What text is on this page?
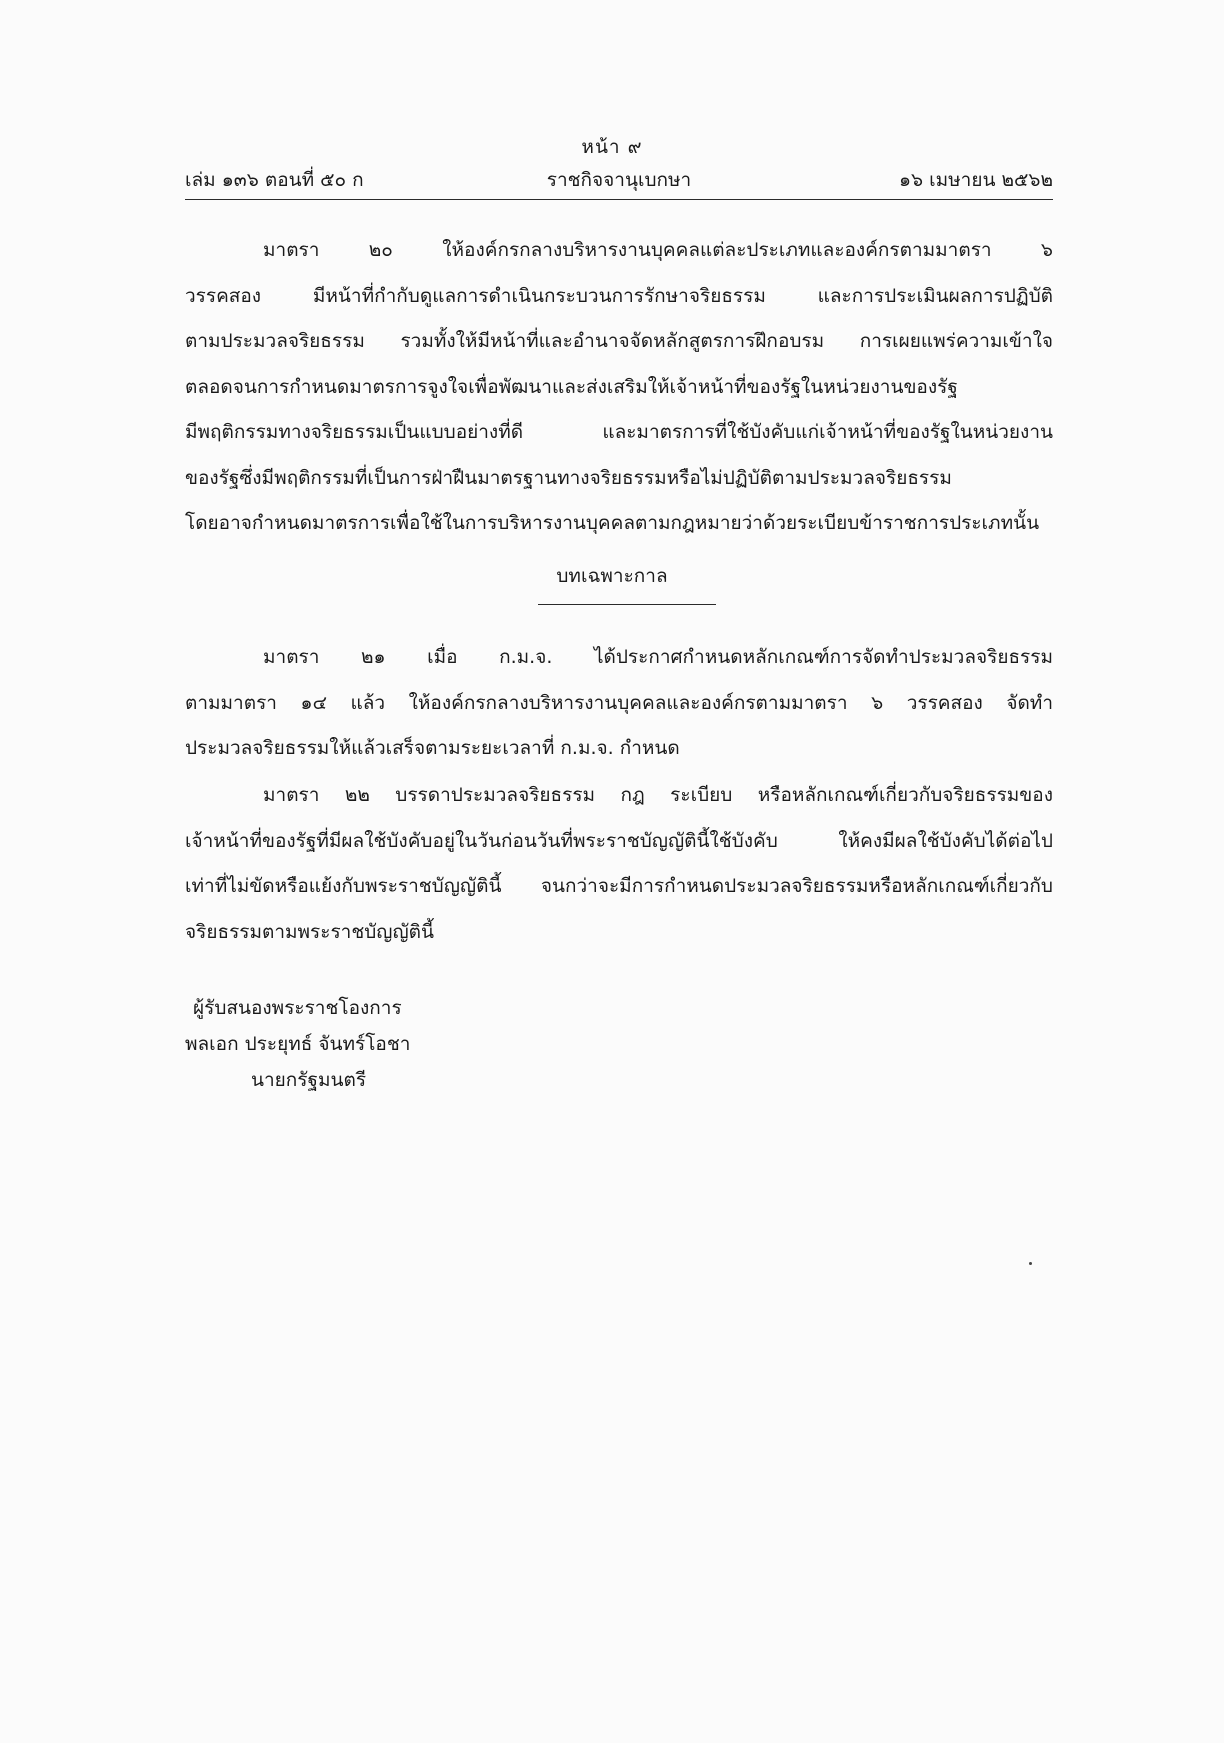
หน้า ๙
เล่ม ๑๓๖ ตอนที่ ๕๐ ก	ราชกิจจานุเบกษา	๑๖ เมษายน ๒๕๖๒
มาตรา ๒๐ ให้องค์กรกลางบริหารงานบุคคลแต่ละประเภทและองค์กรตามมาตรา ๖
วรรคสอง มีหน้าที่กำกับดูแลการดำเนินกระบวนการรักษาจริยธรรม และการประเมินผลการปฏิบัติ
ตามประมวลจริยธรรม รวมทั้งให้มีหน้าที่และอำนาจจัดหลักสูตรการฝึกอบรม การเผยแพร่ความเข้าใจ
ตลอดจนการกำหนดมาตรการจูงใจเพื่อพัฒนาและส่งเสริมให้เจ้าหน้าที่ของรัฐในหน่วยงานของรัฐ
มีพฤติกรรมทางจริยธรรมเป็นแบบอย่างที่ดี และมาตรการที่ใช้บังคับแก่เจ้าหน้าที่ของรัฐในหน่วยงาน
ของรัฐซึ่งมีพฤติกรรมที่เป็นการฝ่าฝืนมาตรฐานทางจริยธรรมหรือไม่ปฏิบัติตามประมวลจริยธรรม
โดยอาจกำหนดมาตรการเพื่อใช้ในการบริหารงานบุคคลตามกฎหมายว่าด้วยระเบียบข้าราชการประเภทนั้น
บทเฉพาะกาล
มาตรา ๒๑ เมื่อ ก.ม.จ. ได้ประกาศกำหนดหลักเกณฑ์การจัดทำประมวลจริยธรรม
ตามมาตรา ๑๔ แล้ว ให้องค์กรกลางบริหารงานบุคคลและองค์กรตามมาตรา ๖ วรรคสอง จัดทำ
ประมวลจริยธรรมให้แล้วเสร็จตามระยะเวลาที่ ก.ม.จ. กำหนด
มาตรา ๒๒ บรรดาประมวลจริยธรรม กฎ ระเบียบ หรือหลักเกณฑ์เกี่ยวกับจริยธรรมของ
เจ้าหน้าที่ของรัฐที่มีผลใช้บังคับอยู่ในวันก่อนวันที่พระราชบัญญัตินี้ใช้บังคับ ให้คงมีผลใช้บังคับได้ต่อไป
เท่าที่ไม่ขัดหรือแย้งกับพระราชบัญญัตินี้ จนกว่าจะมีการกำหนดประมวลจริยธรรมหรือหลักเกณฑ์เกี่ยวกับ
จริยธรรมตามพระราชบัญญัตินี้
ผู้รับสนองพระราชโองการ
พลเอก ประยุทธ์ จันทร์โอชา
นายกรัฐมนตรี
